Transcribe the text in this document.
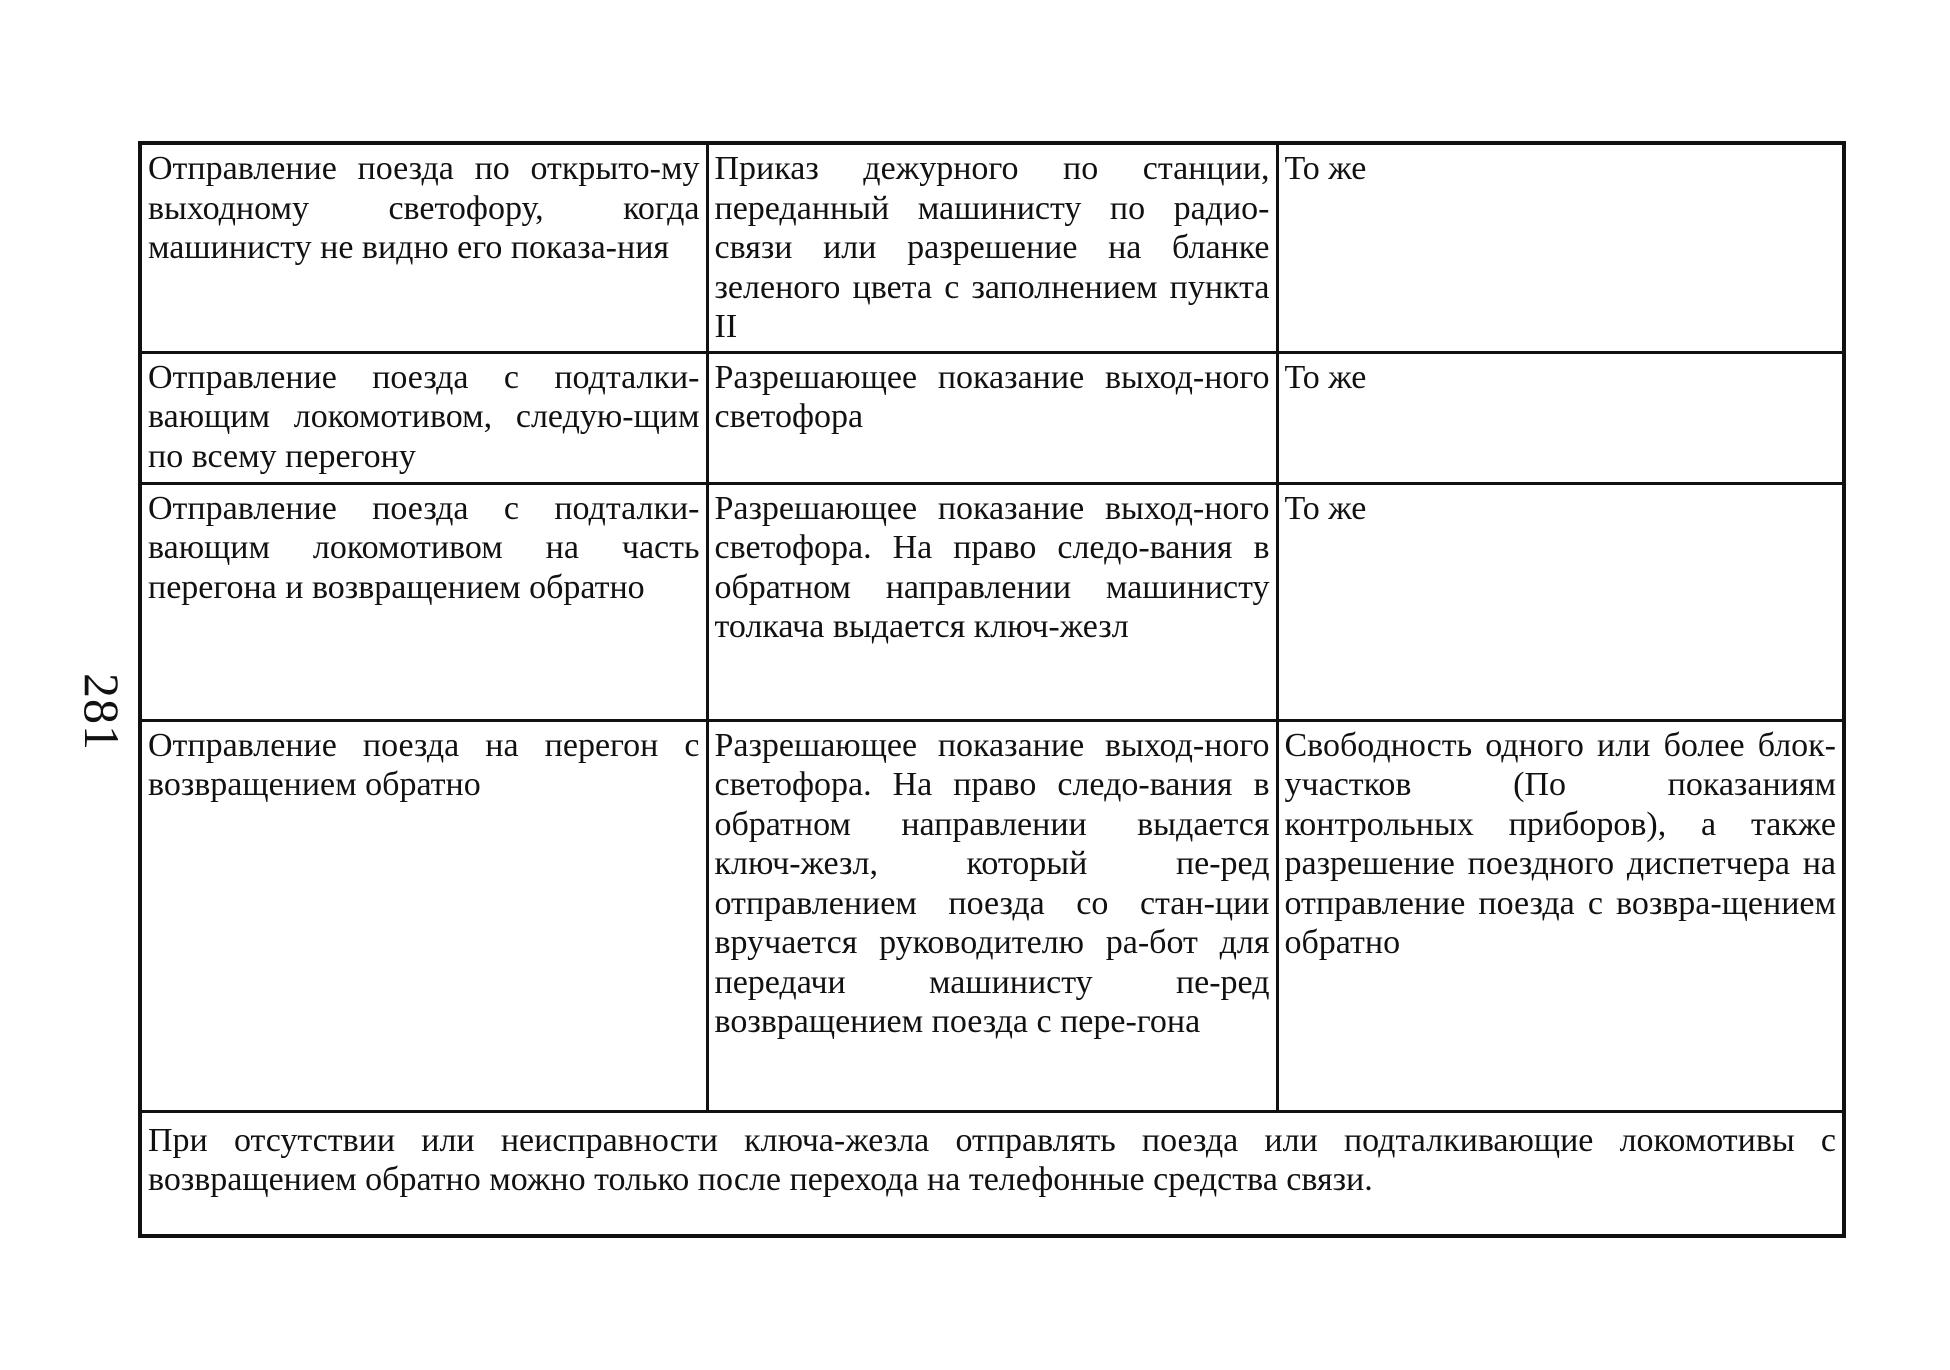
281
Отправление поезда по открыто-му выходному светофору, когда машинисту не видно его показа-ния	Приказ дежурного по станции, переданный машинисту по радио-связи или разрешение на бланке зеленого цвета с заполнением пункта II	То же
Отправление поезда с подталки-вающим локомотивом, следую-щим по всему перегону	Разрешающее показание выход-ного светофора	То же
Отправление поезда с подталки-вающим локомотивом на часть перегона и возвращением обратно	Разрешающее показание выход-ного светофора. На право следо-вания в обратном направлении машинисту толкача выдается ключ-жезл	То же
Отправление поезда на перегон с возвращением обратно	Разрешающее показание выход-ного светофора. На право следо-вания в обратном направлении выдается ключ-жезл, который пе-ред отправлением поезда со стан-ции вручается руководителю ра-бот для передачи машинисту пе-ред возвращением поезда с пере-гона	Свободность одного или более блок-участков (По показаниям контрольных приборов), а также разрешение поездного диспетчера на отправление поезда с возвра-щением обратно
При отсутствии или неисправности ключа-жезла отправлять поезда или подталкивающие локомотивы с возвращением обратно можно только после перехода на телефонные средства связи.		
